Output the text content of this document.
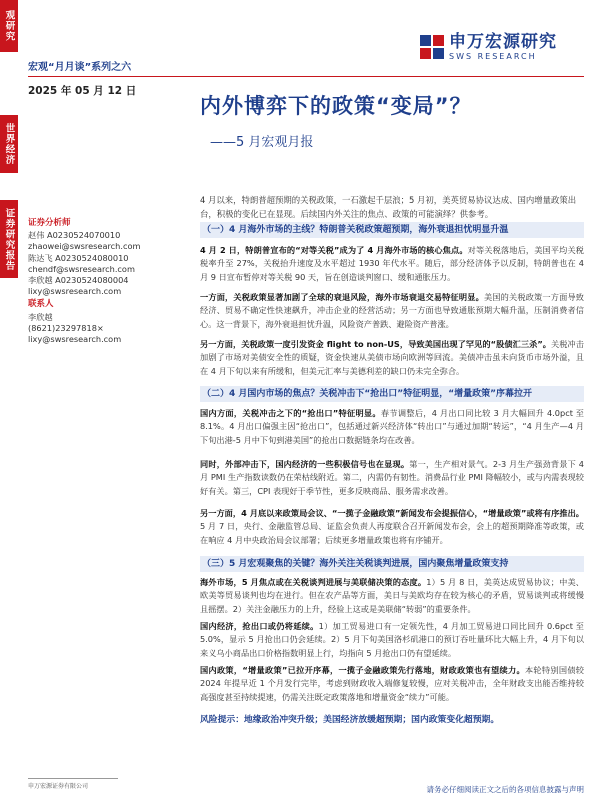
观研究
世界经济
证券研究报告
申万宏源研究
SWS RESEARCH
宏观“月月谈”系列之六
2025 年 05 月 12 日
内外博弈下的政策“变局”？
——5 月宏观月报
4 月以来，特朗普超预期的关税政策，一石激起千层浪；5 月初，美英贸易协议达成、国内增量政策出台，积极的变化已在显现。后续国内外关注的焦点、政策的可能演绎？供参考。
证券分析师
赵伟 A0230524070010
zhaowei@swsresearch.com
陈达飞 A0230524080010
chendf@swsresearch.com
李欣越 A0230524080004
lixy@swsresearch.com
联系人
李欣越
(8621)23297818×
lixy@swsresearch.com
（一）4 月海外市场的主线？特朗普关税政策超预期，海外衰退担忧明显升温
4 月 2 日，特朗普宣布的“对等关税”成为了 4 月海外市场的核心焦点。对等关税落地后，美国平均关税税率升至 27%，关税抬升速度及水平超过 1930 年代水平。随后，部分经济体予以反制，特朗普也在 4 月 9 日宣布暂停对等关税 90 天，旨在创造谈判窗口、缓和通胀压力。
一方面，关税政策显著加剧了全球的衰退风险，海外市场衰退交易特征明显。美国的关税政策一方面导致经济、贸易不确定性快速飙升，冲击企业的经营活动；另一方面也导致通胀预期大幅升温，压制消费者信心。这一背景下，海外衰退担忧升温，风险资产普跌、避险资产普涨。
另一方面，关税政策一度引发资金 flight to non-US，导致美国出现了罕见的“股债汇三杀”。关税冲击加剧了市场对美债安全性的质疑，资金快速从美债市场向欧洲等回流。美债冲击虽未向货币市场外溢，且在 4 月下旬以来有所缓和，但美元汇率与美德利差的缺口仍未完全弥合。
（二）4 月国内市场的焦点？关税冲击下“抢出口”特征明显，“增量政策”序幕拉开
国内方面，关税冲击之下的“抢出口”特征明显。春节调整后，4 月出口同比较 3 月大幅回升 4.0pct 至 8.1%。4 月出口偏强主因“抢出口”，包括通过新兴经济体“转出口”与通过加期“转运”，“4 月生产—4 月下旬出港-5 月中下旬到港美国”的抢出口数据链条均在改善。
同时，外部冲击下，国内经济的一些积极信号也在显现。第一，生产相对景气。2-3 月生产强劲背景下 4 月 PMI 生产指数读数仍在荣枯线附近。第二，内需仍有韧性。消费品行业 PMI 降幅较小，或与内需表现较好有关。第三，CPI 表现好于季节性，更多反映商品、服务需求改善。
另一方面，4 月底以来政策局会议、“一揽子金融政策”新闻发布会提振信心，“增量政策”或将有序推出。5 月 7 日，央行、金融监管总局、证监会负责人再度联合召开新闻发布会，会上的超预期降准等政策，或在响应 4 月中央政治局会议部署；后续更多增量政策也将有序铺开。
（三）5 月宏观聚焦的关键？海外关注关税谈判进展，国内聚焦增量政策支持
海外市场，5 月焦点或在关税谈判进展与美联储决策的态度。1）5 月 8 日，美英达成贸易协议；中美、欧美等贸易谈判也均在进行。但在农产品等方面，美日与美欧均存在较为核心的矛盾，贸易谈判或将缓慢且摇摆。2）关注金融压力的上升，经验上这或是美联储“转弱”的重要条件。
国内经济，抢出口或仍将延续。1）加工贸易进口有一定领先性，4 月加工贸易进口同比回升 0.6pct 至 5.0%，显示 5 月抢出口仍会延续。2）5 月下旬美国洛杉矶港口的预订吞吐量环比大幅上升，4 月下旬以来义乌小商品出口价格指数明显上行，均指向 5 月抢出口仍有望延续。
国内政策，“增量政策”已拉开序幕，一揽子金融政策先行落地，财政政策也有望续力。本轮特别国债较 2024 年提早近 1 个月发行完毕，考虑到财政收入端修复较慢，应对关税冲击，全年财政支出能否维持较高强度甚至持续提速，仍需关注既定政策落地和增量资金“续力”可能。
风险提示：地缘政治冲突升级；美国经济放缓超预期；国内政策变化超预期。
申万宏源证券有限公司	请务必仔细阅读正文之后的各项信息披露与声明
